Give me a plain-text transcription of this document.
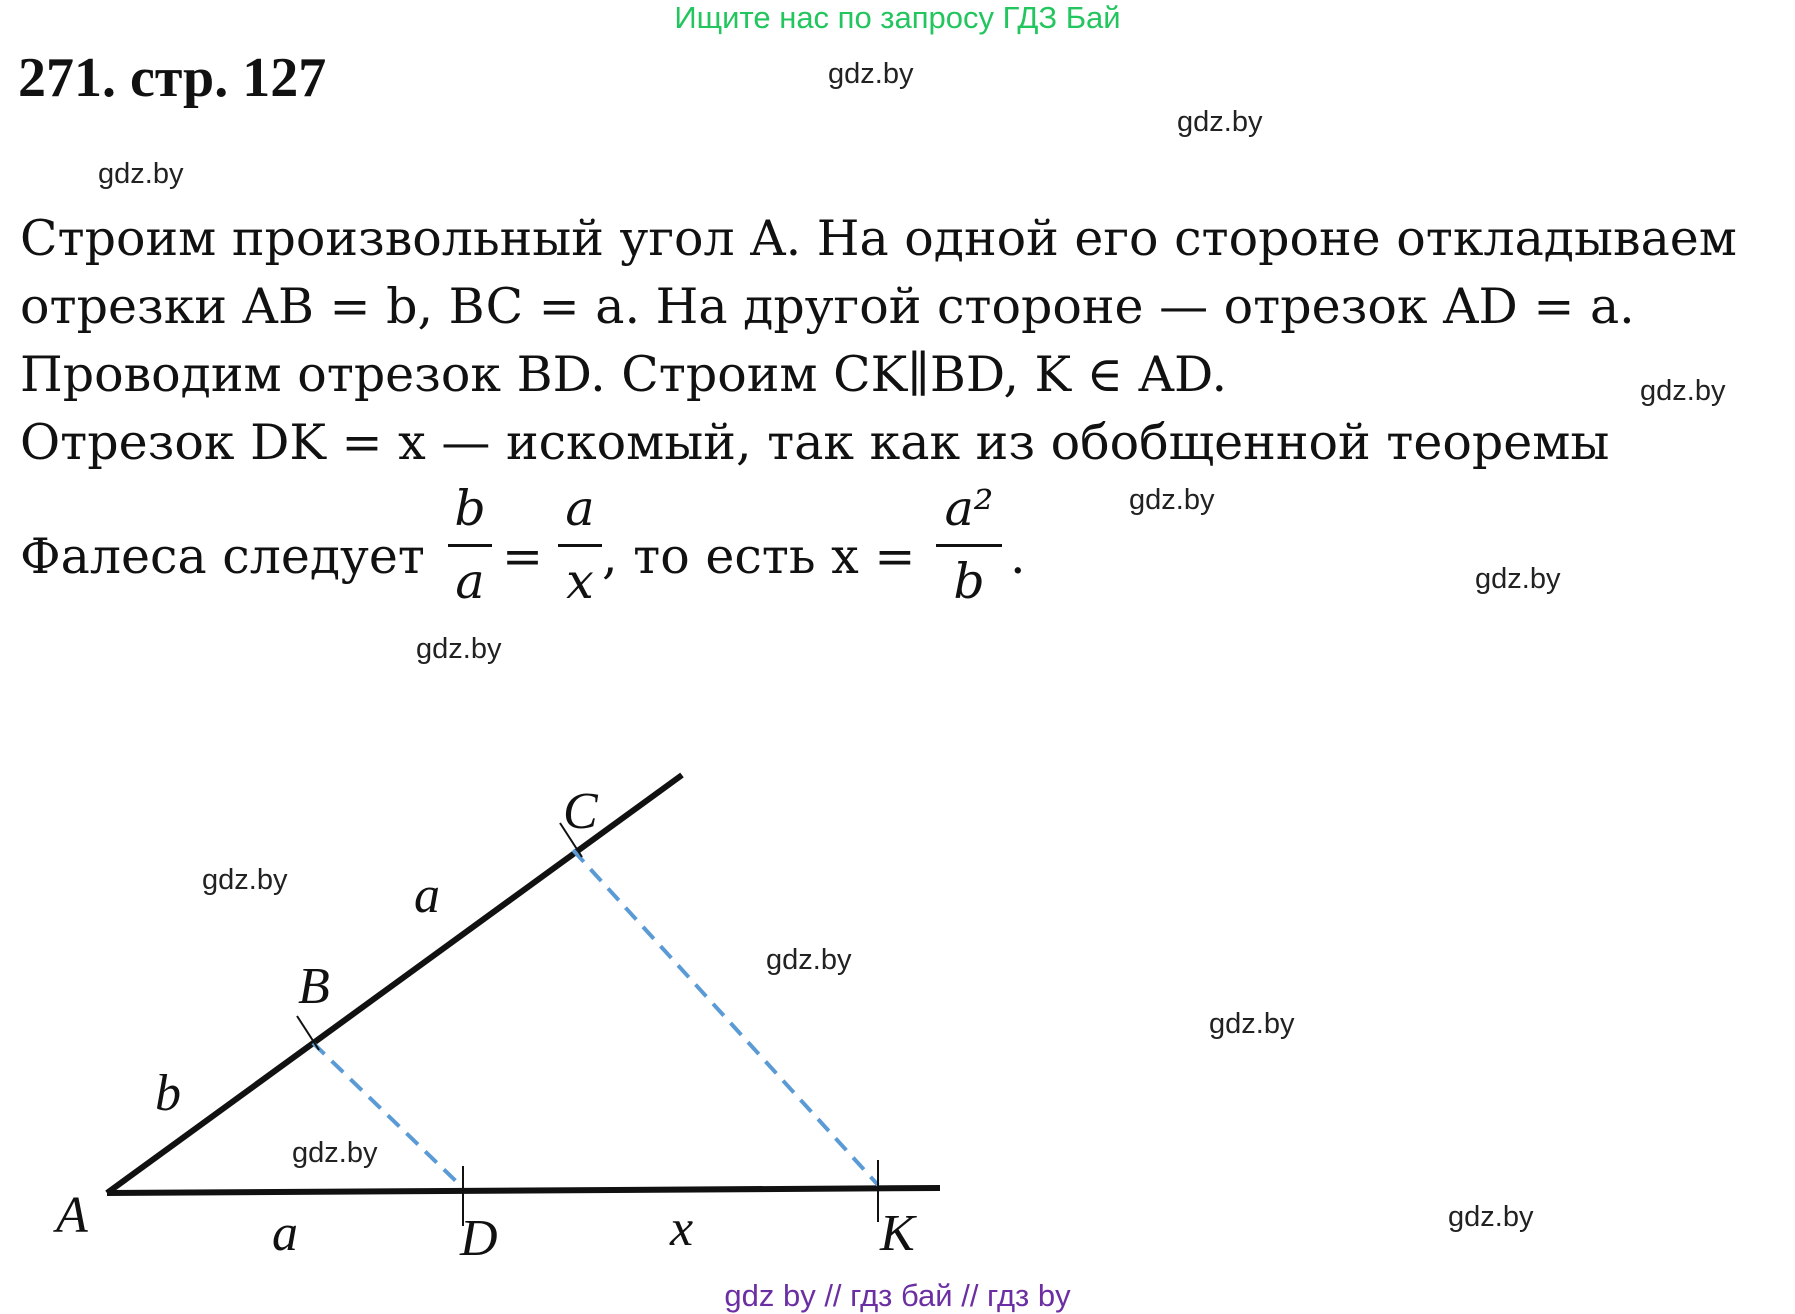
Ищите нас по запросу ГДЗ Бай
271. стр. 127	gdz.by
gdz.by
gdz.by
gdz.by
gdz.by
gdz.by
gdz.by
gdz.by
gdz.by
gdz.by
gdz.by
gdz.by
Строим произвольный угол A. На одной его стороне откладываем
отрезки AB = b, BC = a. На другой стороне — отрезок AD = a.
Проводим отрезок BD. Строим CK∥BD, K ∈ AD.
Отрезок DK = x — искомый, так как из обобщенной теоремы
Фалеса следует
b
a =
a
x , то есть x =
a²
b .
A
B
C
D	K
b
a
a	x
gdz by // гдз бай // гдз by
